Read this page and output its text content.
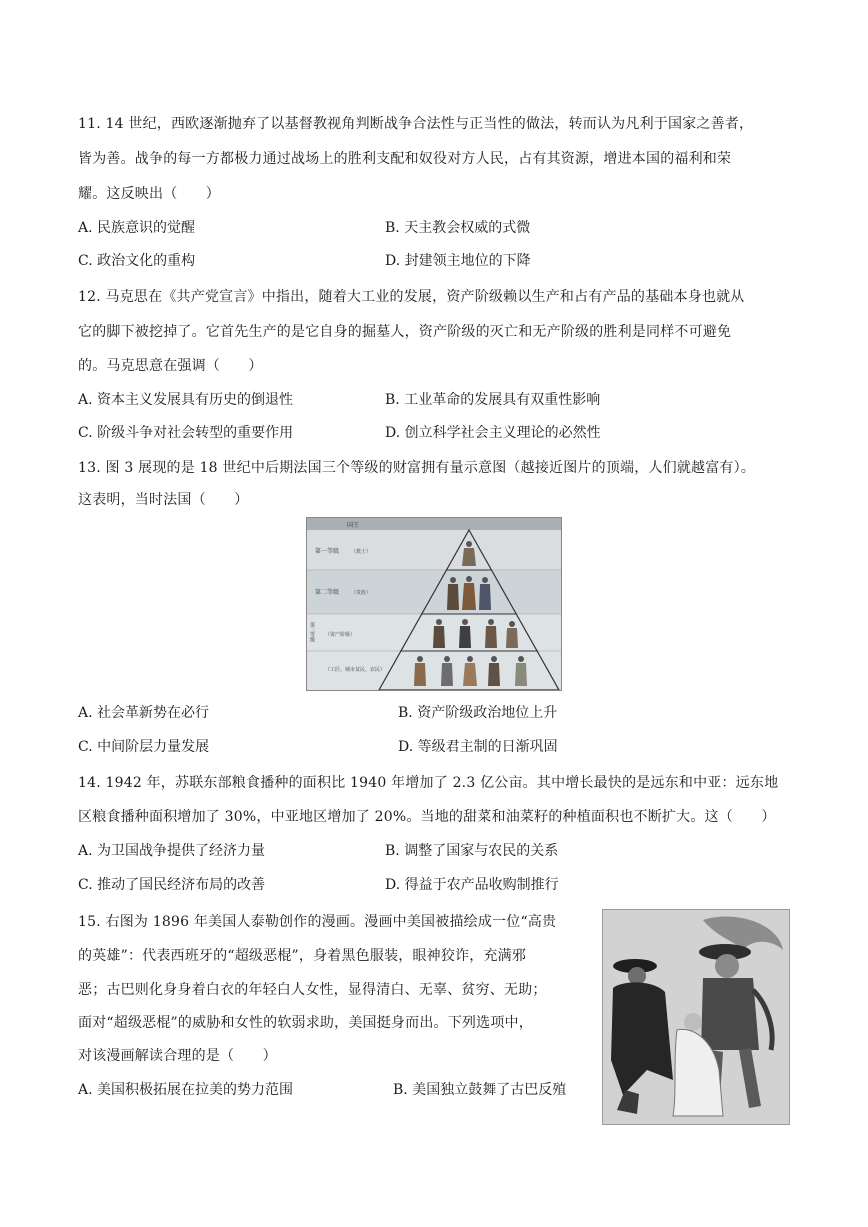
11. 14 世纪，西欧逐渐抛弃了以基督教视角判断战争合法性与正当性的做法，转而认为凡利于国家之善者，
皆为善。战争的每一方都极力通过战场上的胜利支配和奴役对方人民，占有其资源，增进本国的福利和荣
耀。这反映出（　　）
A. 民族意识的觉醒	B. 天主教会权威的式微
C. 政治文化的重构	D. 封建领主地位的下降
12. 马克思在《共产党宣言》中指出，随着大工业的发展，资产阶级赖以生产和占有产品的基础本身也就从
它的脚下被挖掉了。它首先生产的是它自身的掘墓人，资产阶级的灭亡和无产阶级的胜利是同样不可避免
的。马克思意在强调（　　）
A. 资本主义发展具有历史的倒退性	B. 工业革命的发展具有双重性影响
C. 阶级斗争对社会转型的重要作用	D. 创立科学社会主义理论的必然性
13. 图 3 展现的是 18 世纪中后期法国三个等级的财富拥有量示意图（越接近图片的顶端，人们就越富有）。
这表明，当时法国（　　）
国王
第一等级 （教士）
第二等级 （贵族）
第三等级 （资产阶级）
（工匠、城市贫民、农民）
A. 社会革新势在必行	B. 资产阶级政治地位上升
C. 中间阶层力量发展	D. 等级君主制的日渐巩固
14. 1942 年，苏联东部粮食播种的面积比 1940 年增加了 2.3 亿公亩。其中增长最快的是远东和中亚：远东地
区粮食播种面积增加了 30%，中亚地区增加了 20%。当地的甜菜和油菜籽的种植面积也不断扩大。这（　　）
A. 为卫国战争提供了经济力量	B. 调整了国家与农民的关系
C. 推动了国民经济布局的改善	D. 得益于农产品收购制推行
15. 右图为 1896 年美国人泰勒创作的漫画。漫画中美国被描绘成一位“高贵
的英雄”：代表西班牙的“超级恶棍”，身着黑色服装，眼神狡诈，充满邪
恶；古巴则化身身着白衣的年轻白人女性，显得清白、无辜、贫穷、无助；
面对“超级恶棍”的威胁和女性的软弱求助，美国挺身而出。下列选项中，
对该漫画解读合理的是（　　）
A. 美国积极拓展在拉美的势力范围	B. 美国独立鼓舞了古巴反殖
